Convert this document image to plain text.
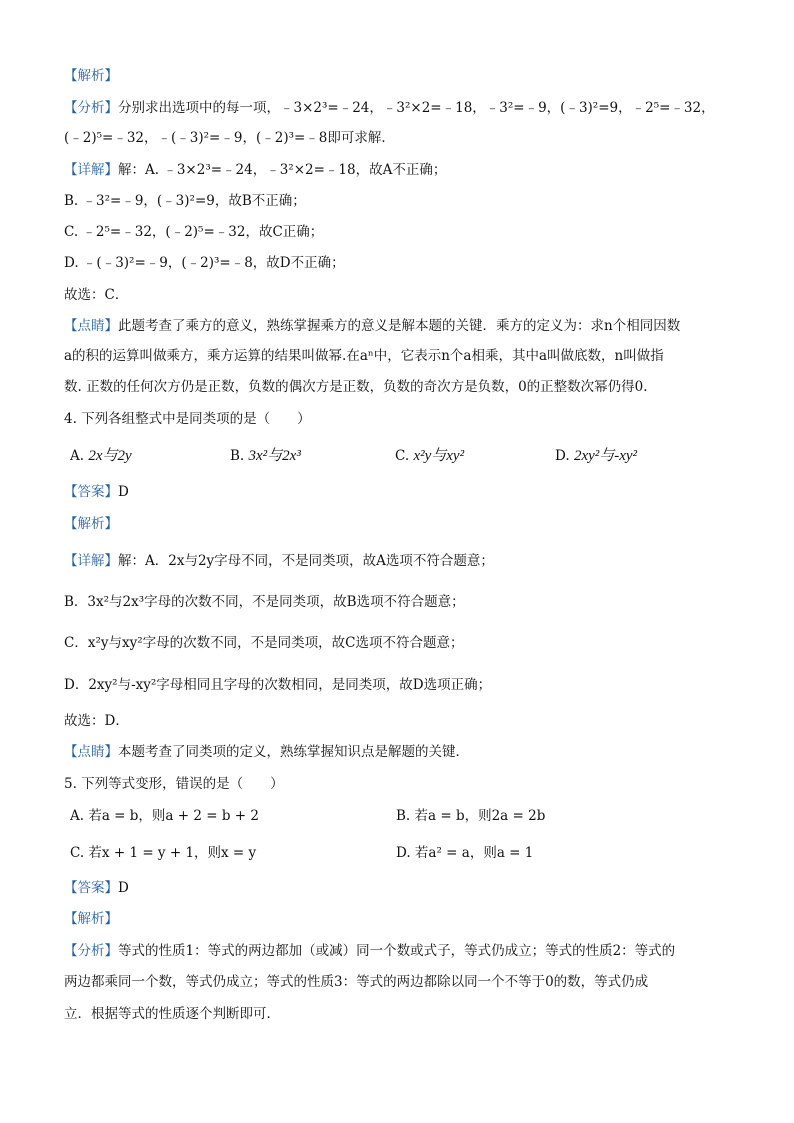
【解析】
【分析】分别求出选项中的每一项，﹣3×2³=﹣24，﹣3²×2=﹣18，﹣3²=﹣9，(﹣3)²=9，﹣2⁵=﹣32，
(﹣2)⁵=﹣32，﹣(﹣3)²=﹣9，(﹣2)³=﹣8即可求解．
【详解】解：A. ﹣3×2³=﹣24，﹣3²×2=﹣18，故A不正确；
B. ﹣3²=﹣9，(﹣3)²=9，故B不正确；
C. ﹣2⁵=﹣32，(﹣2)⁵=﹣32，故C正确；
D. ﹣(﹣3)²=﹣9，(﹣2)³=﹣8，故D不正确；
故选：C．
【点睛】此题考查了乘方的意义，熟练掌握乘方的意义是解本题的关键．乘方的定义为：求n个相同因数
a的积的运算叫做乘方，乘方运算的结果叫做幂.在aⁿ中，它表示n个a相乘，其中a叫做底数，n叫做指
数. 正数的任何次方仍是正数，负数的偶次方是正数，负数的奇次方是负数，0的正整数次幂仍得0.
4. 下列各组整式中是同类项的是（　　）
A. 2x与2y	B. 3x²与2x³	C. x²y与xy²	D. 2xy²与-xy²
【答案】D
【解析】
【详解】解：A．2x与2y字母不同，不是同类项，故A选项不符合题意；
B．3x²与2x³字母的次数不同，不是同类项，故B选项不符合题意；
C．x²y与xy²字母的次数不同，不是同类项，故C选项不符合题意；
D．2xy²与-xy²字母相同且字母的次数相同，是同类项，故D选项正确；
故选：D．
【点睛】本题考查了同类项的定义，熟练掌握知识点是解题的关键．
5. 下列等式变形，错误的是（　　）
A. 若a = b，则a + 2 = b + 2	B. 若a = b，则2a = 2b
C. 若x + 1 = y + 1，则x = y	D. 若a² = a，则a = 1
【答案】D
【解析】
【分析】等式的性质1：等式的两边都加（或减）同一个数或式子，等式仍成立；等式的性质2：等式的
两边都乘同一个数，等式仍成立；等式的性质3：等式的两边都除以同一个不等于0的数，等式仍成
立．根据等式的性质逐个判断即可．
